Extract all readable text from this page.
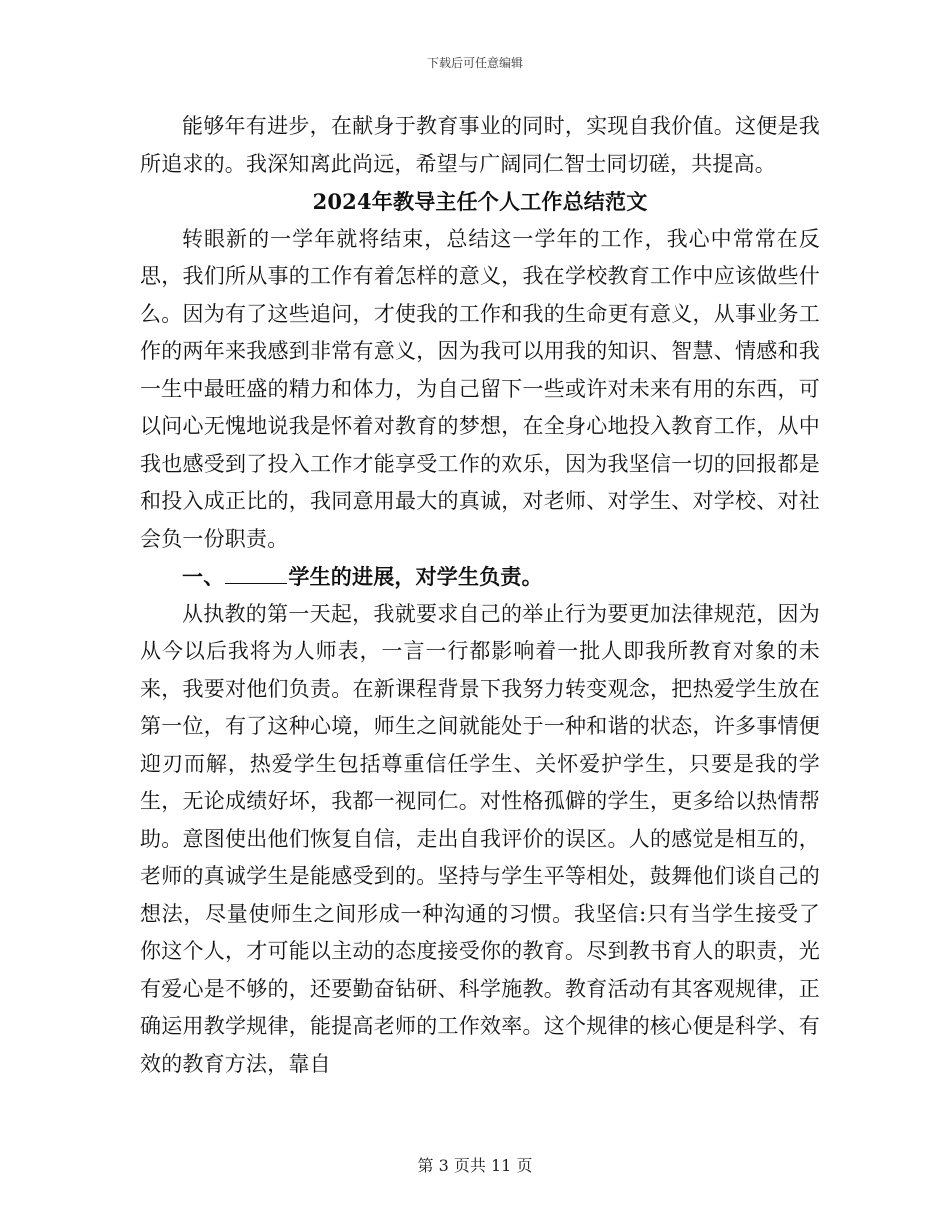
下载后可任意编辑

能够年有进步，在献身于教育事业的同时，实现自我价值。这便是我所追求的。我深知离此尚远，希望与广阔同仁智士同切磋，共提高。

2024年教导主任个人工作总结范文

转眼新的一学年就将结束，总结这一学年的工作，我心中常常在反思，我们所从事的工作有着怎样的意义，我在学校教育工作中应该做些什么。因为有了这些追问，才使我的工作和我的生命更有意义，从事业务工作的两年来我感到非常有意义，因为我可以用我的知识、智慧、情感和我一生中最旺盛的精力和体力，为自己留下一些或许对未来有用的东西，可以问心无愧地说我是怀着对教育的梦想，在全身心地投入教育工作，从中我也感受到了投入工作才能享受工作的欢乐，因为我坚信一切的回报都是和投入成正比的，我同意用最大的真诚，对老师、对学生、对学校、对社会负一份职责。

一、	学生的进展，对学生负责。

从执教的第一天起，我就要求自己的举止行为要更加法律规范，因为从今以后我将为人师表，一言一行都影响着一批人即我所教育对象的未来，我要对他们负责。在新课程背景下我努力转变观念，把热爱学生放在第一位，有了这种心境，师生之间就能处于一种和谐的状态，许多事情便迎刃而解，热爱学生包括尊重信任学生、关怀爱护学生，只要是我的学生，无论成绩好坏，我都一视同仁。对性格孤僻的学生，更多给以热情帮助。意图使出他们恢复自信，走出自我评价的误区。人的感觉是相互的，老师的真诚学生是能感受到的。坚持与学生平等相处，鼓舞他们谈自己的想法，尽量使师生之间形成一种沟通的习惯。我坚信:只有当学生接受了你这个人，才可能以主动的态度接受你的教育。尽到教书育人的职责，光有爱心是不够的，还要勤奋钻研、科学施教。教育活动有其客观规律，正确运用教学规律，能提高老师的工作效率。这个规律的核心便是科学、有效的教育方法，靠自

第 3 页共 11 页
